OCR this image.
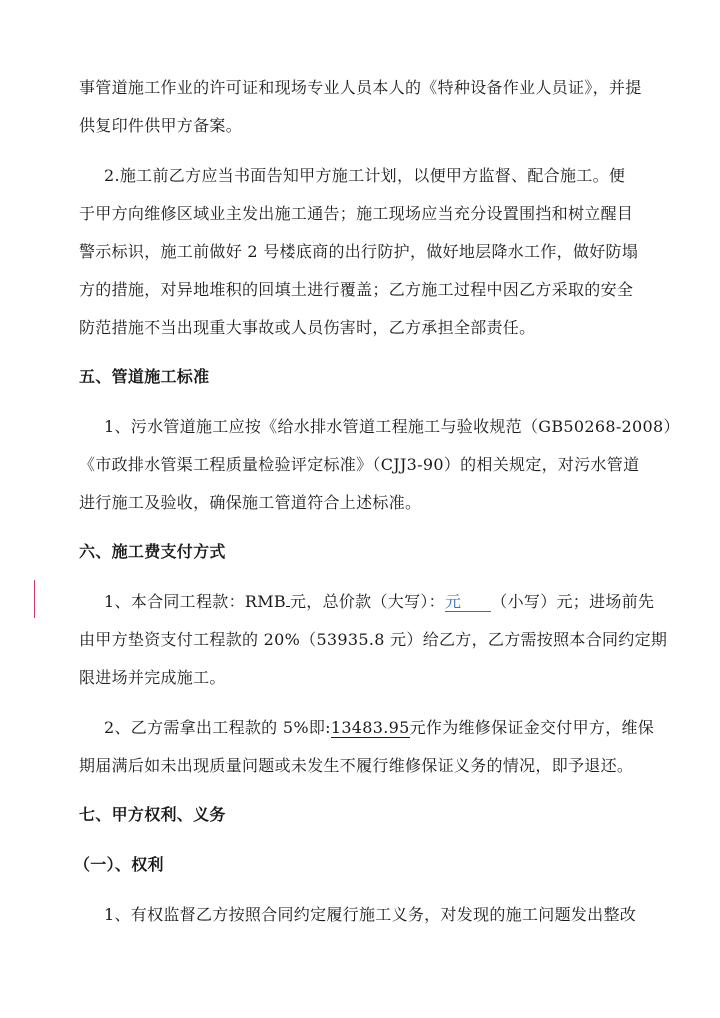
事管道施工作业的许可证和现场专业人员本人的《特种设备作业人员证》，并提
供复印件供甲方备案。
2.施工前乙方应当书面告知甲方施工计划，以便甲方监督、配合施工。便
于甲方向维修区域业主发出施工通告；施工现场应当充分设置围挡和树立醒目
警示标识，施工前做好 2 号楼底商的出行防护，做好地层降水工作，做好防塌
方的措施，对异地堆积的回填土进行覆盖；乙方施工过程中因乙方采取的安全
防范措施不当出现重大事故或人员伤害时，乙方承担全部责任。
五、管道施工标准
1、污水管道施工应按《给水排水管道工程施工与验收规范（GB50268-2008）
《市政排水管渠工程质量检验评定标准》（CJJ3-90）的相关规定，对污水管道
进行施工及验收，确保施工管道符合上述标准。
六、施工费支付方式
1、本合同工程款：RMB 元，总价款（大写）：元 （小写）元；进场前先
由甲方垫资支付工程款的 20%（53935.8 元）给乙方，乙方需按照本合同约定期
限进场并完成施工。
2、乙方需拿出工程款的 5%即:13483.95元作为维修保证金交付甲方，维保
期届满后如未出现质量问题或未发生不履行维修保证义务的情况，即予退还。
七、甲方权利、义务
（一）、权利
1、有权监督乙方按照合同约定履行施工义务，对发现的施工问题发出整改
